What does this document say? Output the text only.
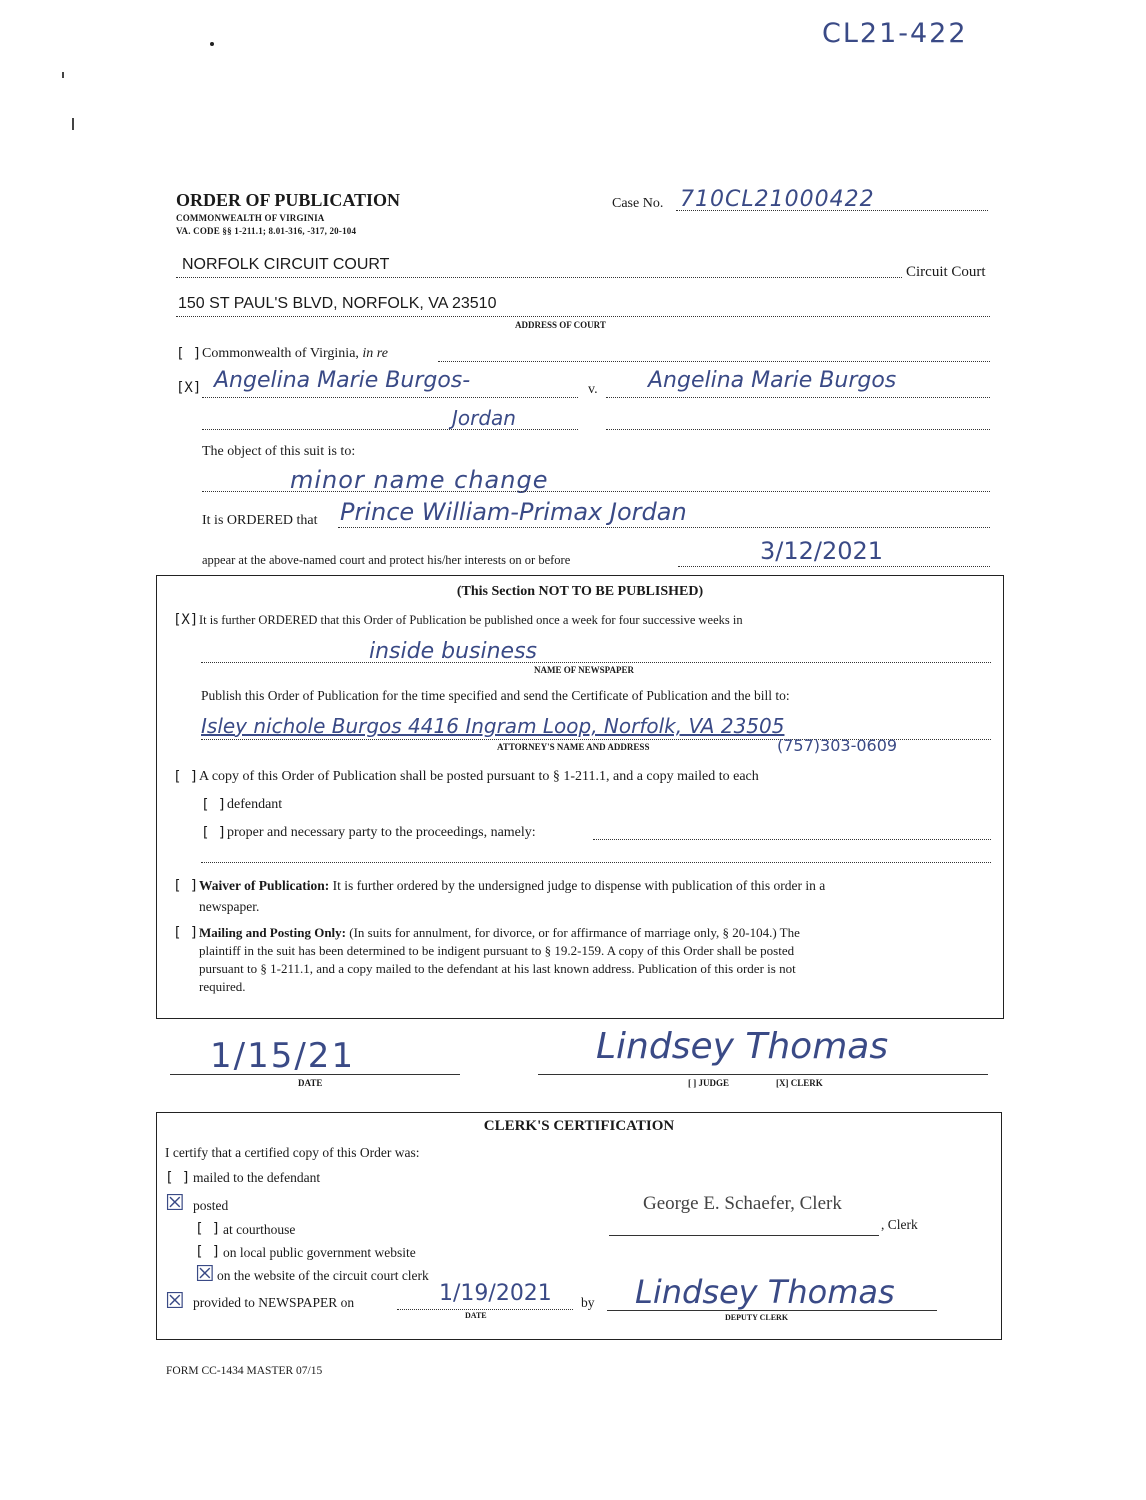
CL21-422
ORDER OF PUBLICATION
COMMONWEALTH OF VIRGINIA
VA. CODE §§ 1-211.1; 8.01-316, -317, 20-104
Case No. 710CL21000422
NORFOLK CIRCUIT COURT	Circuit Court
150 ST PAUL'S BLVD, NORFOLK, VA 23510
ADDRESS OF COURT
[ ] Commonwealth of Virginia, in re
[X] Angelina Marie Burgos-	v. Angelina Marie Burgos
Jordan
The object of this suit is to:
minor name change
It is ORDERED that Prince William-Primax Jordan
appear at the above-named court and protect his/her interests on or before	3/12/2021
(This Section NOT TO BE PUBLISHED)
[X] It is further ORDERED that this Order of Publication be published once a week for four successive weeks in
inside business
NAME OF NEWSPAPER
Publish this Order of Publication for the time specified and send the Certificate of Publication and the bill to:
Isley nichole Burgos 4416 Ingram Loop, Norfolk, VA 23505
ATTORNEY'S NAME AND ADDRESS	(757)303-0609
[ ] A copy of this Order of Publication shall be posted pursuant to § 1-211.1, and a copy mailed to each
[ ] defendant
[ ] proper and necessary party to the proceedings, namely:
[ ] Waiver of Publication: It is further ordered by the undersigned judge to dispense with publication of this order in a
newspaper.
[ ] Mailing and Posting Only: (In suits for annulment, for divorce, or for affirmance of marriage only, § 20-104.) The
plaintiff in the suit has been determined to be indigent pursuant to § 19.2-159. A copy of this Order shall be posted
pursuant to § 1-211.1, and a copy mailed to the defendant at his last known address. Publication of this order is not
required.
1/15/21
DATE
Lindsey Thomas
[ ] JUDGE	[X] CLERK
CLERK'S CERTIFICATION
I certify that a certified copy of this Order was:
[ ] mailed to the defendant
☒ posted
[ ] at courthouse
[ ] on local public government website
☒ on the website of the circuit court clerk
☒ provided to NEWSPAPER on	1/19/2021
DATE
by
George E. Schaefer, Clerk
, Clerk
Lindsey Thomas
DEPUTY CLERK
FORM CC-1434 MASTER 07/15
